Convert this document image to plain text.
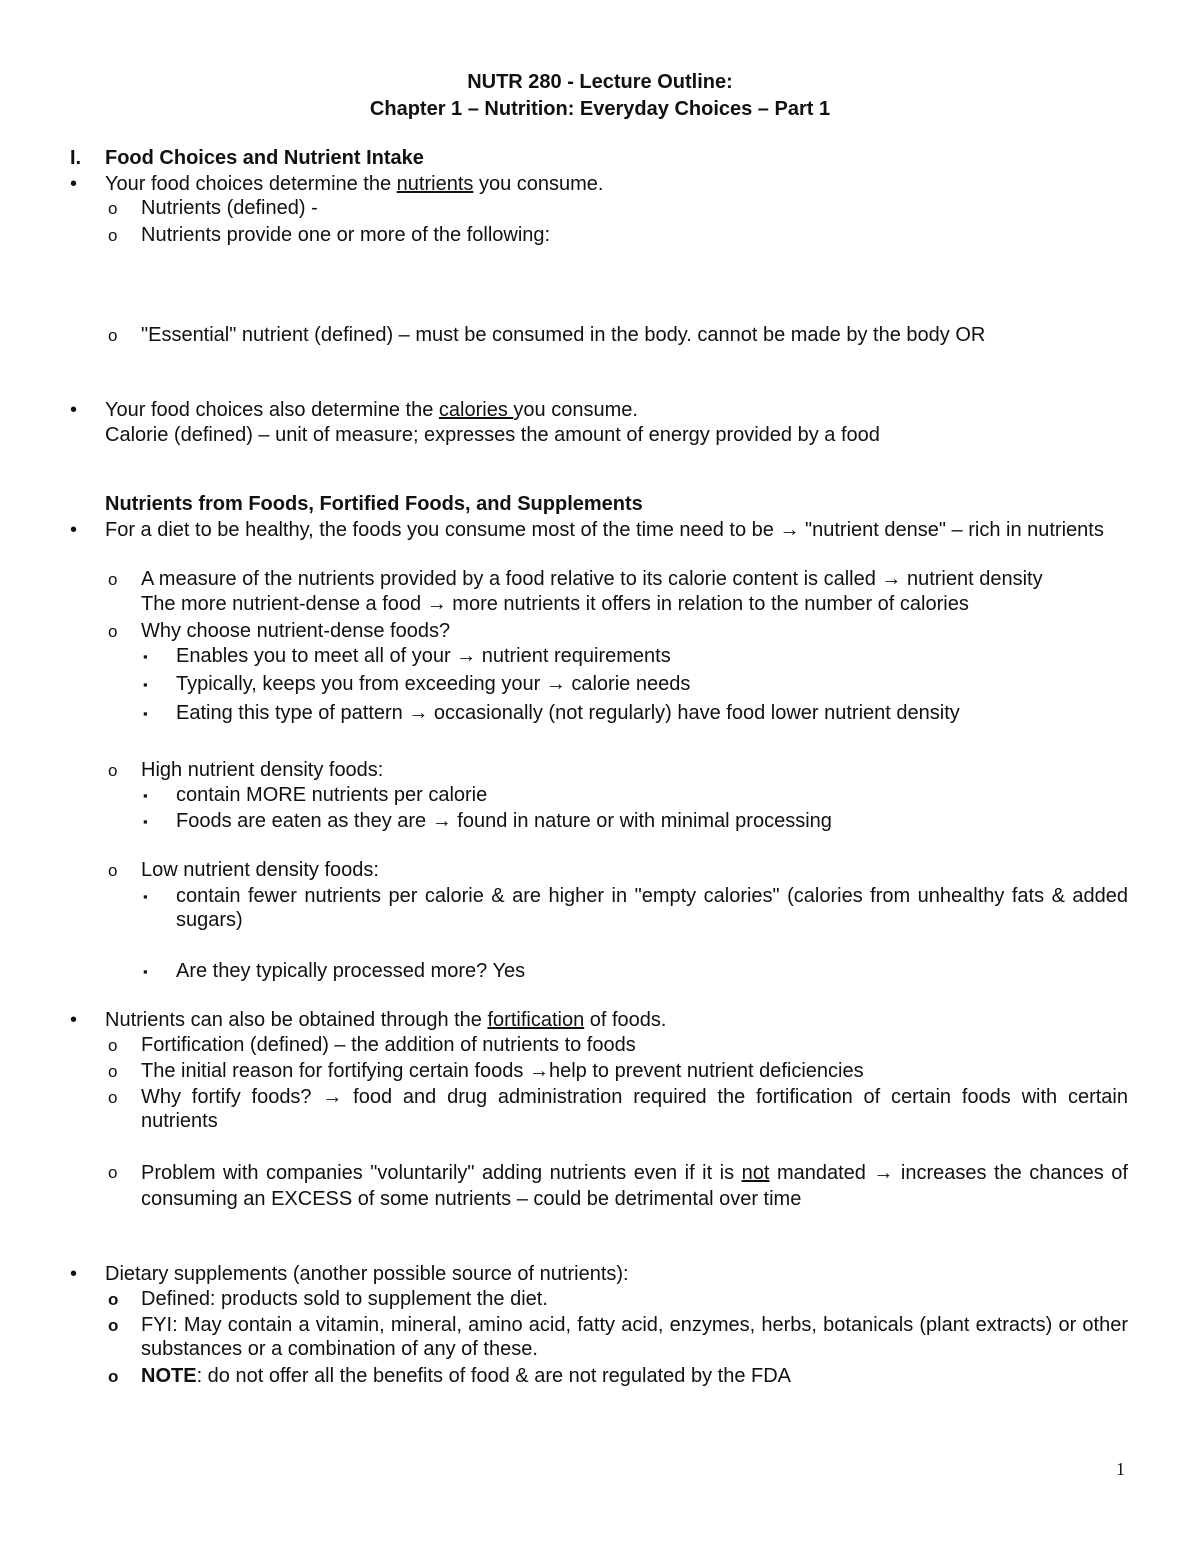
NUTR 280 - Lecture Outline:
Chapter 1 – Nutrition: Everyday Choices – Part 1
I. Food Choices and Nutrient Intake
• Your food choices determine the nutrients you consume.
o Nutrients (defined) -
o Nutrients provide one or more of the following:
o "Essential" nutrient (defined) – must be consumed in the body. cannot be made by the body OR
• Your food choices also determine the calories you consume.
Calorie (defined) – unit of measure; expresses the amount of energy provided by a food
Nutrients from Foods, Fortified Foods, and Supplements
• For a diet to be healthy, the foods you consume most of the time need to be → "nutrient dense" – rich in nutrients
o A measure of the nutrients provided by a food relative to its calorie content is called → nutrient density
The more nutrient-dense a food → more nutrients it offers in relation to the number of calories
o Why choose nutrient-dense foods?
▪ Enables you to meet all of your → nutrient requirements
▪ Typically, keeps you from exceeding your → calorie needs
▪ Eating this type of pattern → occasionally (not regularly) have food lower nutrient density
o High nutrient density foods:
▪ contain MORE nutrients per calorie
▪ Foods are eaten as they are → found in nature or with minimal processing
o Low nutrient density foods:
▪ contain fewer nutrients per calorie & are higher in "empty calories" (calories from unhealthy fats & added sugars)
▪ Are they typically processed more? Yes
• Nutrients can also be obtained through the fortification of foods.
o Fortification (defined) – the addition of nutrients to foods
o The initial reason for fortifying certain foods →help to prevent nutrient deficiencies
o Why fortify foods? → food and drug administration required the fortification of certain foods with certain nutrients
o Problem with companies "voluntarily" adding nutrients even if it is not mandated → increases the chances of consuming an EXCESS of some nutrients – could be detrimental over time
• Dietary supplements (another possible source of nutrients):
o Defined: products sold to supplement the diet.
o FYI: May contain a vitamin, mineral, amino acid, fatty acid, enzymes, herbs, botanicals (plant extracts) or other substances or a combination of any of these.
o NOTE: do not offer all the benefits of food & are not regulated by the FDA
1
